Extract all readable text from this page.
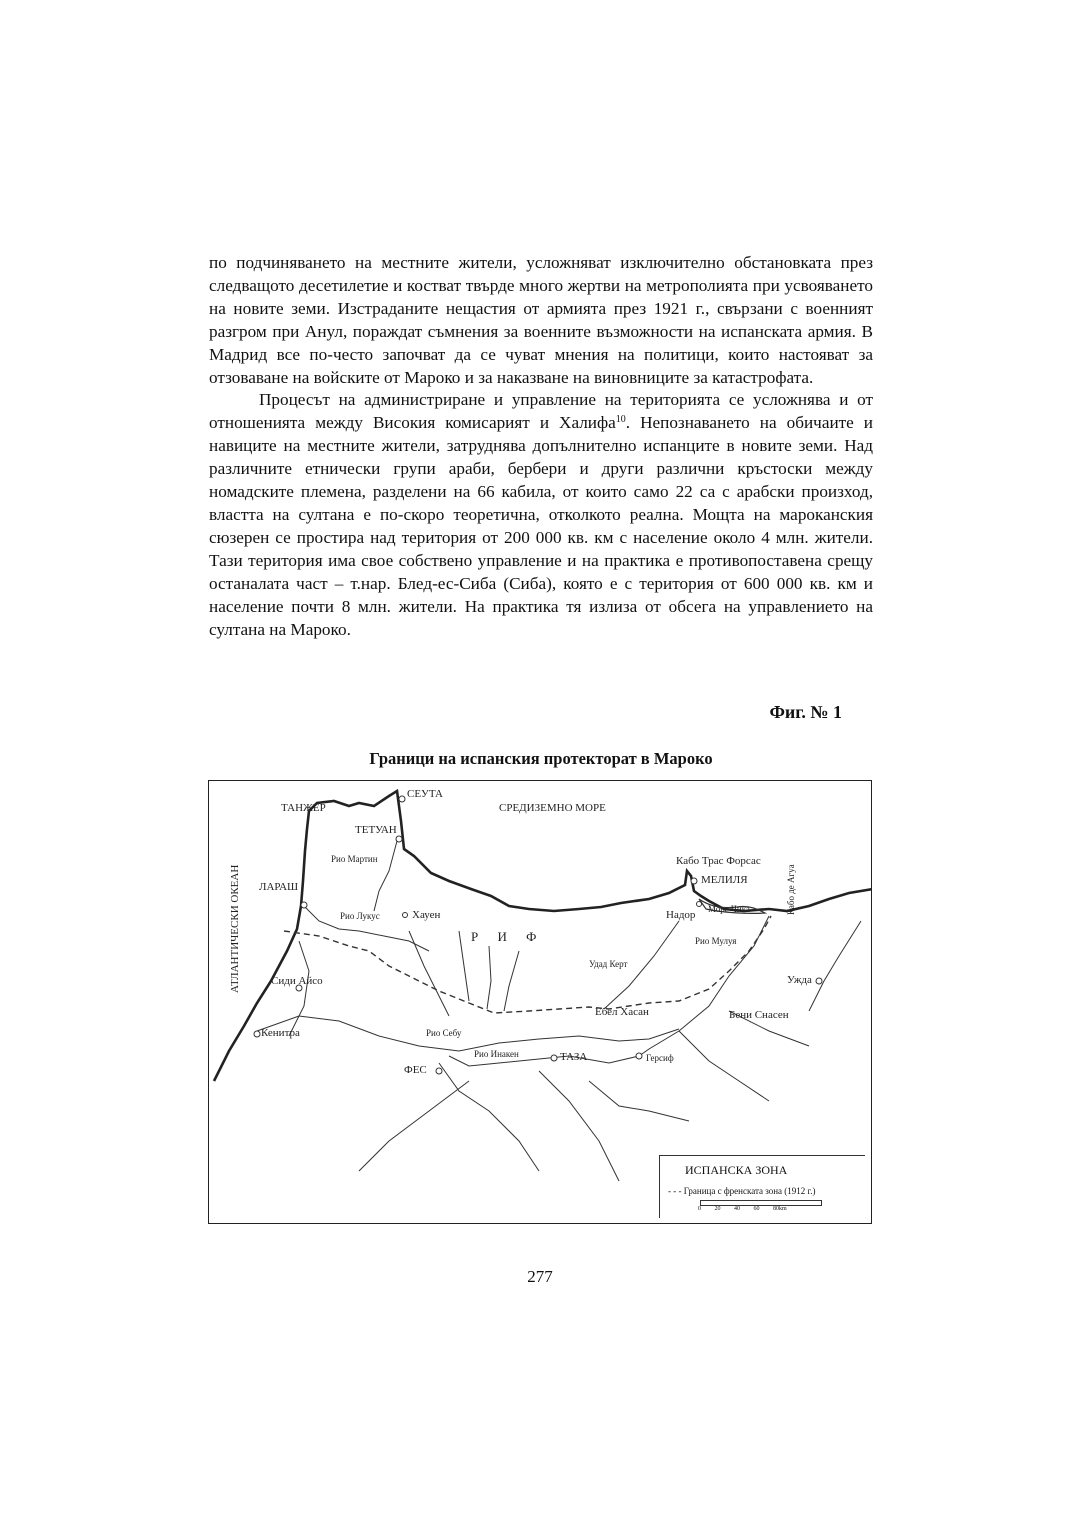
по подчиняването на местните жители, усложняват изключително обстановката през следващото десетилетие и костват твърде много жертви на метрополията при усвояването на новите земи. Изстраданите нещастия от армията през 1921 г., свързани с военният разгром при Анул, пораждат съмнения за военните възможности на испанската армия. В Мадрид все по-често започват да се чуват мнения на политици, които настояват за отзоваване на войските от Мароко и за наказване на виновниците за катастрофата.

Процесът на администриране и управление на територията се усложнява и от отношенията между Високия комисарият и Халифа$^{10}$. Непознаването на обичаите и навиците на местните жители, затруднява допълнително испанците в новите земи. Над различните етнически групи араби, бербери и други различни кръстоски между номадските племена, разделени на 66 кабила, от които само 22 са с арабски произход, властта на султана е по-скоро теоретична, отколкото реална. Мощта на мароканския сюзерен се простира над територия от 200 000 кв. км с население около 4 млн. жители. Тази територия има свое собствено управление и на практика е противопоставена срещу останалата част – т.нар. Блед-ес-Сиба (Сиба), която е с територия от 600 000 кв. км и население почти 8 млн. жители. На практика тя излиза от обсега на управлението на султана на Мароко.

Фиг. № 1
Граници на испанския протекторат в Мароко
ТАНЖЕР
СЕУТА
ТЕТУАН
СРЕДИЗЕМНО МОРЕ
АТЛАНТИЧЕСКИ ОКЕАН
Рио Мартин
ЛАРАШ
Рио Лукус	Хауен
Р И Ф
Сиди Айсо
Кенитра	Рио Себу
Рио Инакен
ФЕС
ТАЗА	Герсиф
Ебел Хасан
Удад Керт
Бени Снасен
Ужда
Рио Мулуя
Кабо Трас Форсас
МЕЛИЛЯ
Надор Море Чика	Кабо де Агуа
ИСПАНСКА ЗОНА
- - - Граница с френската зона (1912 г.)
0 20 40 60 80km
277
